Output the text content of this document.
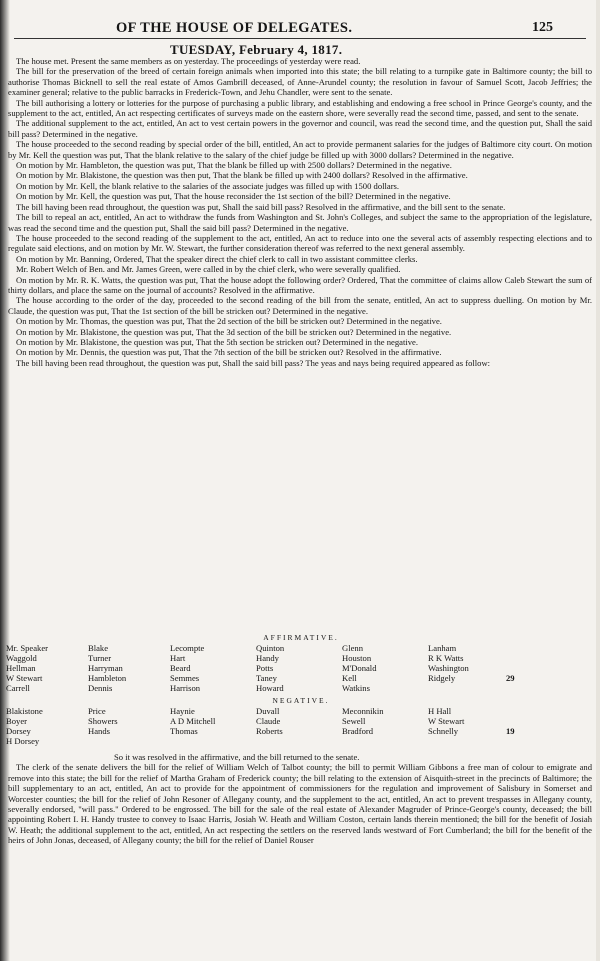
OF THE HOUSE OF DELEGATES.	125
TUESDAY, February 4, 1817.

The house met. Present the same members as on yesterday. The proceedings of yesterday were read.

The bill for the preservation of the breed of certain foreign animals when imported into this state; the bill relating to a turnpike gate in Baltimore county; the bill to authorise Thomas Bicknell to sell the real estate of Amos Gambrill deceased, of Anne-Arundel county; the resolution in favour of Samuel Scott, Jacob Jeffries; the examiner general; relative to the public barracks in Frederick-Town, and Jehu Chandler, were sent to the senate.

The bill authorising a lottery or lotteries for the purpose of purchasing a public library, and establishing and endowing a free school in Prince George's county, and the supplement to the act, entitled, An act respecting certificates of surveys made on the eastern shore, were severally read the second time, passed, and sent to the senate.

The additional supplement to the act, entitled, An act to vest certain powers in the governor and council, was read the second time, and the question put, Shall the said bill pass? Determined in the negative.

The house proceeded to the second reading by special order of the bill, entitled, An act to provide permanent salaries for the judges of Baltimore city court. On motion by Mr. Kell the question was put, That the blank relative to the salary of the chief judge be filled up with 3000 dollars? Determined in the negative.

On motion by Mr. Hambleton, the question was put, That the blank be filled up with 2500 dollars? Determined in the negative.

On motion by Mr. Blakistone, the question was then put, That the blank be filled up with 2400 dollars? Resolved in the affirmative.

On motion by Mr. Kell, the blank relative to the salaries of the associate judges was filled up with 1500 dollars.

On motion by Mr. Kell, the question was put, That the house reconsider the 1st section of the bill? Determined in the negative.

The bill having been read throughout, the question was put, Shall the said bill pass? Resolved in the affirmative, and the bill sent to the senate.

The bill to repeal an act, entitled, An act to withdraw the funds from Washington and St. John's Colleges, and subject the same to the appropriation of the legislature, was read the second time and the question put, Shall the said bill pass? Determined in the negative.

The house proceeded to the second reading of the supplement to the act, entitled, An act to reduce into one the several acts of assembly respecting elections and to regulate said elections, and on motion by Mr. W. Stewart, the further consideration thereof was referred to the next general assembly.

On motion by Mr. Banning, Ordered, That the speaker direct the chief clerk to call in two assistant committee clerks.

Mr. Robert Welch of Ben. and Mr. James Green, were called in by the chief clerk, who were severally qualified.

On motion by Mr. R. K. Watts, the question was put, That the house adopt the following order? Ordered, That the committee of claims allow Caleb Stewart the sum of thirty dollars, and place the same on the journal of accounts? Resolved in the affirmative.

The house according to the order of the day, proceeded to the second reading of the bill from the senate, entitled, An act to suppress duelling. On motion by Mr. Claude, the question was put, That the 1st section of the bill be stricken out? Determined in the negative.

On motion by Mr. Thomas, the question was put, That the 2d section of the bill be stricken out? Determined in the negative.

On motion by Mr. Blakistone, the question was put, That the 3d section of the bill be stricken out? Determined in the negative.

On motion by Mr. Blakistone, the question was put, That the 5th section be stricken out? Determined in the negative.

On motion by Mr. Dennis, the question was put, That the 7th section of the bill be stricken out? Resolved in the affirmative.

The bill having been read throughout, the question was put, Shall the said bill pass? The yeas and nays being required appeared as follow:

AFFIRMATIVE.
Mr. Speaker	Blake	Lecompte	Quinton	Glenn	Lanham
Waggold	Turner	Hart	Handy	Houston	R K Watts
Hellman	Harryman	Beard	Potts	M'Donald	Washington
W Stewart	Hambleton	Semmes	Taney	Kell	Ridgely	29
Carrell	Dennis	Harrison	Howard	Watkins
NEGATIVE.
Blakistone	Price	Haynie	Duvall	Meconnikin	H Hall
Boyer	Showers	A D Mitchell	Claude	Sewell	W Stewart
Dorsey	Hands	Thomas	Roberts	Bradford	Schnelly	19
H Dorsey

So it was resolved in the affirmative, and the bill returned to the senate.

The clerk of the senate delivers the bill for the relief of William Welch of Talbot county; the bill to permit William Gibbons a free man of colour to emigrate and remove into this state; the bill for the relief of Martha Graham of Frederick county; the bill relating to the extension of Aisquith-street in the precincts of Baltimore; the bill supplementary to an act, entitled, An act to provide for the appointment of commissioners for the regulation and improvement of Salisbury in Somerset and Worcester counties; the bill for the relief of John Resoner of Allegany county, and the supplement to the act, entitled, An act to prevent trespasses in Allegany county, severally endorsed, "will pass." Ordered to be engrossed. The bill for the sale of the real estate of Alexander Magruder of Prince-George's county, deceased; the bill appointing Robert I. H. Handy trustee to convey to Isaac Harris, Josiah W. Heath and William Coston, certain lands therein mentioned; the bill for the benefit of Josiah W. Heath; the additional supplement to the act, entitled, An act respecting the settlers on the reserved lands westward of Fort Cumberland; the bill for the benefit of the heirs of John Jonas, deceased, of Allegany county; the bill for the relief of Daniel Rouser
